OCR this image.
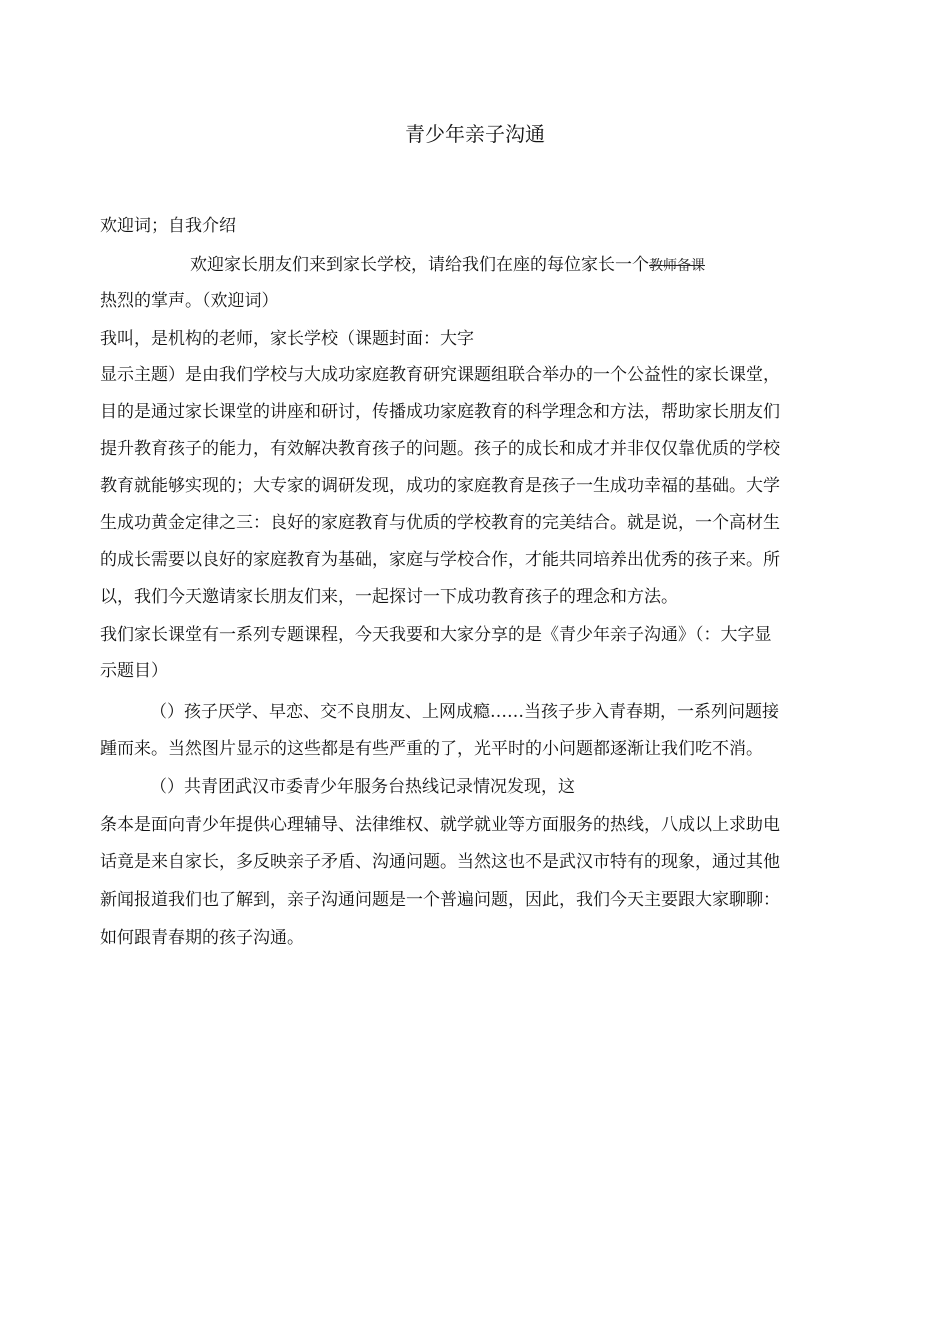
青少年亲子沟通
欢迎词；自我介绍
欢迎家长朋友们来到家长学校，请给我们在座的每位家长一个教师备课
热烈的掌声。（欢迎词）
我叫，是机构的老师，家长学校（课题封面：大字
显示主题）是由我们学校与大成功家庭教育研究课题组联合举办的一个公益性的家长课堂，
目的是通过家长课堂的讲座和研讨，传播成功家庭教育的科学理念和方法，帮助家长朋友们
提升教育孩子的能力，有效解决教育孩子的问题。孩子的成长和成才并非仅仅靠优质的学校
教育就能够实现的；大专家的调研发现，成功的家庭教育是孩子一生成功幸福的基础。大学
生成功黄金定律之三：良好的家庭教育与优质的学校教育的完美结合。就是说，一个高材生
的成长需要以良好的家庭教育为基础，家庭与学校合作，才能共同培养出优秀的孩子来。所
以，我们今天邀请家长朋友们来，一起探讨一下成功教育孩子的理念和方法。
我们家长课堂有一系列专题课程，今天我要和大家分享的是《青少年亲子沟通》（：大字显
示题目）
（）孩子厌学、早恋、交不良朋友、上网成瘾……当孩子步入青春期，一系列问题接
踵而来。当然图片显示的这些都是有些严重的了，光平时的小问题都逐渐让我们吃不消。
（）共青团武汉市委青少年服务台热线记录情况发现，这
条本是面向青少年提供心理辅导、法律维权、就学就业等方面服务的热线，八成以上求助电
话竟是来自家长，多反映亲子矛盾、沟通问题。当然这也不是武汉市特有的现象，通过其他
新闻报道我们也了解到，亲子沟通问题是一个普遍问题，因此，我们今天主要跟大家聊聊：
如何跟青春期的孩子沟通。
